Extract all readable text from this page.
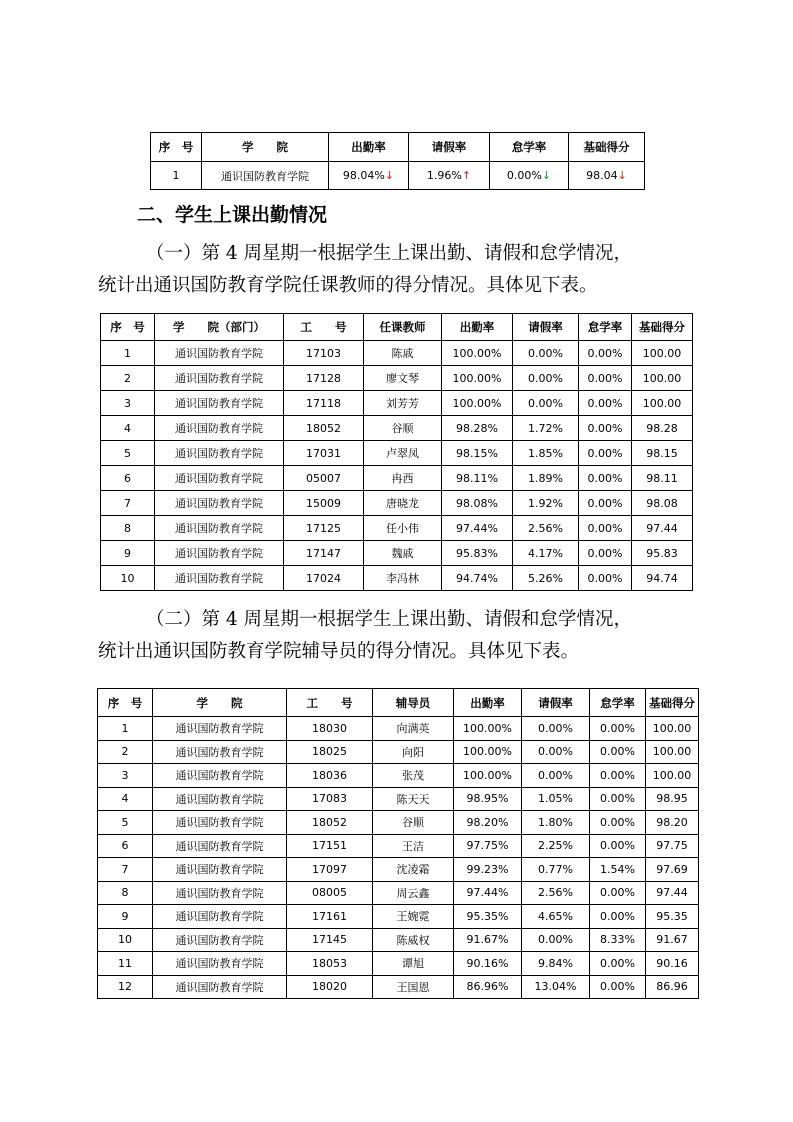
序　号	学　　院	出勤率	请假率	怠学率	基础得分
1	通识国防教育学院	98.04%↓	1.96%↑	0.00%↓	98.04↓
二、学生上课出勤情况
（一）第 4 周星期一根据学生上课出勤、请假和怠学情况，
统计出通识国防教育学院任课教师的得分情况。具体见下表。
序　号	学　　院（部门）	工　　号	任课教师	出勤率	请假率	怠学率	基础得分
1	通识国防教育学院	17103	陈戚	100.00%	0.00%	0.00%	100.00
2	通识国防教育学院	17128	廖文琴	100.00%	0.00%	0.00%	100.00
3	通识国防教育学院	17118	刘芳芳	100.00%	0.00%	0.00%	100.00
4	通识国防教育学院	18052	谷顺	98.28%	1.72%	0.00%	98.28
5	通识国防教育学院	17031	卢翠凤	98.15%	1.85%	0.00%	98.15
6	通识国防教育学院	05007	冉西	98.11%	1.89%	0.00%	98.11
7	通识国防教育学院	15009	唐晓龙	98.08%	1.92%	0.00%	98.08
8	通识国防教育学院	17125	任小伟	97.44%	2.56%	0.00%	97.44
9	通识国防教育学院	17147	魏戚	95.83%	4.17%	0.00%	95.83
10	通识国防教育学院	17024	李冯林	94.74%	5.26%	0.00%	94.74
（二）第 4 周星期一根据学生上课出勤、请假和怠学情况，
统计出通识国防教育学院辅导员的得分情况。具体见下表。
序　号	学　　院	工　　号	辅导员	出勤率	请假率	怠学率	基础得分
1	通识国防教育学院	18030	向满英	100.00%	0.00%	0.00%	100.00
2	通识国防教育学院	18025	向阳	100.00%	0.00%	0.00%	100.00
3	通识国防教育学院	18036	张茂	100.00%	0.00%	0.00%	100.00
4	通识国防教育学院	17083	陈天天	98.95%	1.05%	0.00%	98.95
5	通识国防教育学院	18052	谷顺	98.20%	1.80%	0.00%	98.20
6	通识国防教育学院	17151	王洁	97.75%	2.25%	0.00%	97.75
7	通识国防教育学院	17097	沈凌霜	99.23%	0.77%	1.54%	97.69
8	通识国防教育学院	08005	周云鑫	97.44%	2.56%	0.00%	97.44
9	通识国防教育学院	17161	王婉霓	95.35%	4.65%	0.00%	95.35
10	通识国防教育学院	17145	陈威权	91.67%	0.00%	8.33%	91.67
11	通识国防教育学院	18053	谭旭	90.16%	9.84%	0.00%	90.16
12	通识国防教育学院	18020	王国恩	86.96%	13.04%	0.00%	86.96
